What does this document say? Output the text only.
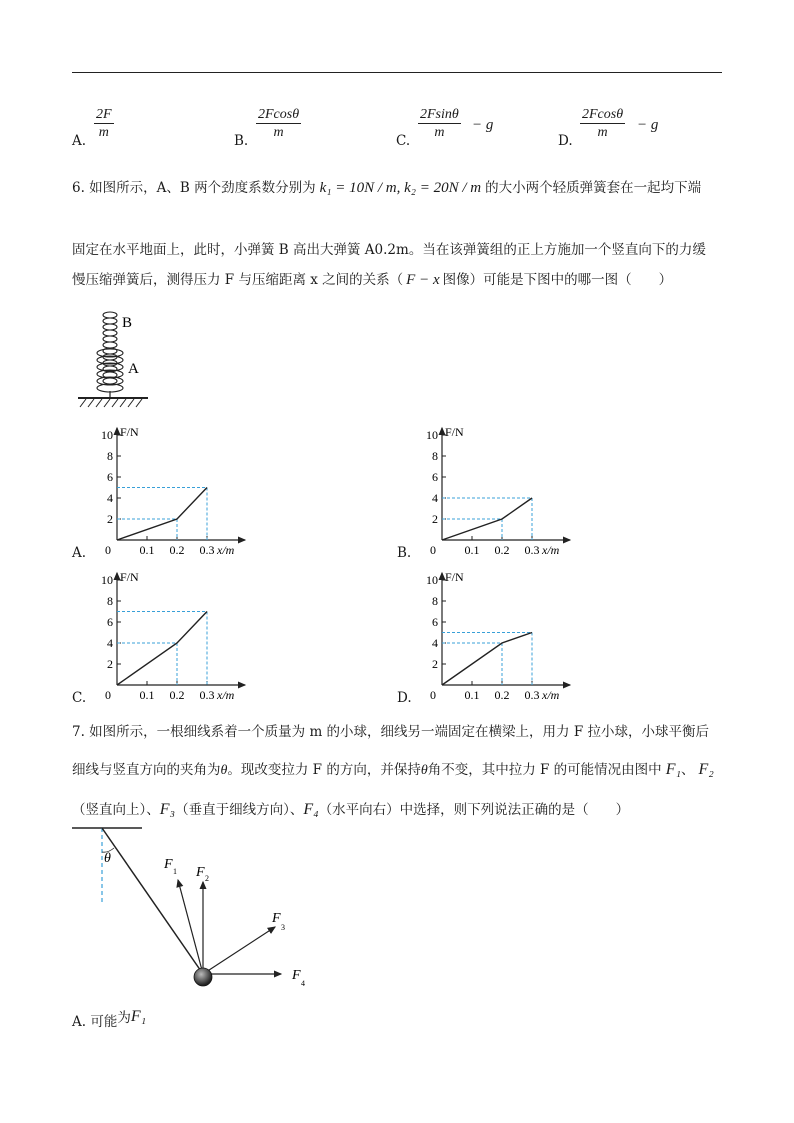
A. $\frac{2F}{m}$	B. $\frac{2Fcos\theta}{m}$	C. $\frac{2Fsin\theta}{m} - g$
D. $\frac{2Fcos\theta}{m} - g$
6. 如图所示，A、B 两个劲度系数分别为 k₁ = 10N / m, k₂ = 20N / m 的大小两个轻质弹簧套在一起均下端
固定在水平地面上，此时，小弹簧 B 高出大弹簧 A0.2m。当在该弹簧组的正上方施加一个竖直向下的力缓
慢压缩弹簧后，测得压力 F 与压缩距离 x 之间的关系（ F − x 图像）可能是下图中的哪一图（　　）
B
A
A.	B.
C.	D.
2
4
6
8
10
0.1 0.2 0.3
0
F/N
x/m
2
4
6
8
10
0.1 0.2 0.3
0
F/N
x/m
2
4
6
8
10
0.1 0.2 0.3
0
F/N
x/m
2
4
6
8
10
0.1 0.2 0.3
0
F/N
x/m
7. 如图所示，一根细线系着一个质量为 m 的小球，细线另一端固定在横梁上，用力 F 拉小球，小球平衡后
细线与竖直方向的夹角为θ。现改变拉力 F 的方向，并保持θ角不变，其中拉力 F 的可能情况由图中 F₁、 F₂
（竖直向上）、F₃（垂直于细线方向）、F₄（水平向右）中选择，则下列说法正确的是（　　）
θ	F 1 F 2
F
3
F
4
A. 可能为F₁
